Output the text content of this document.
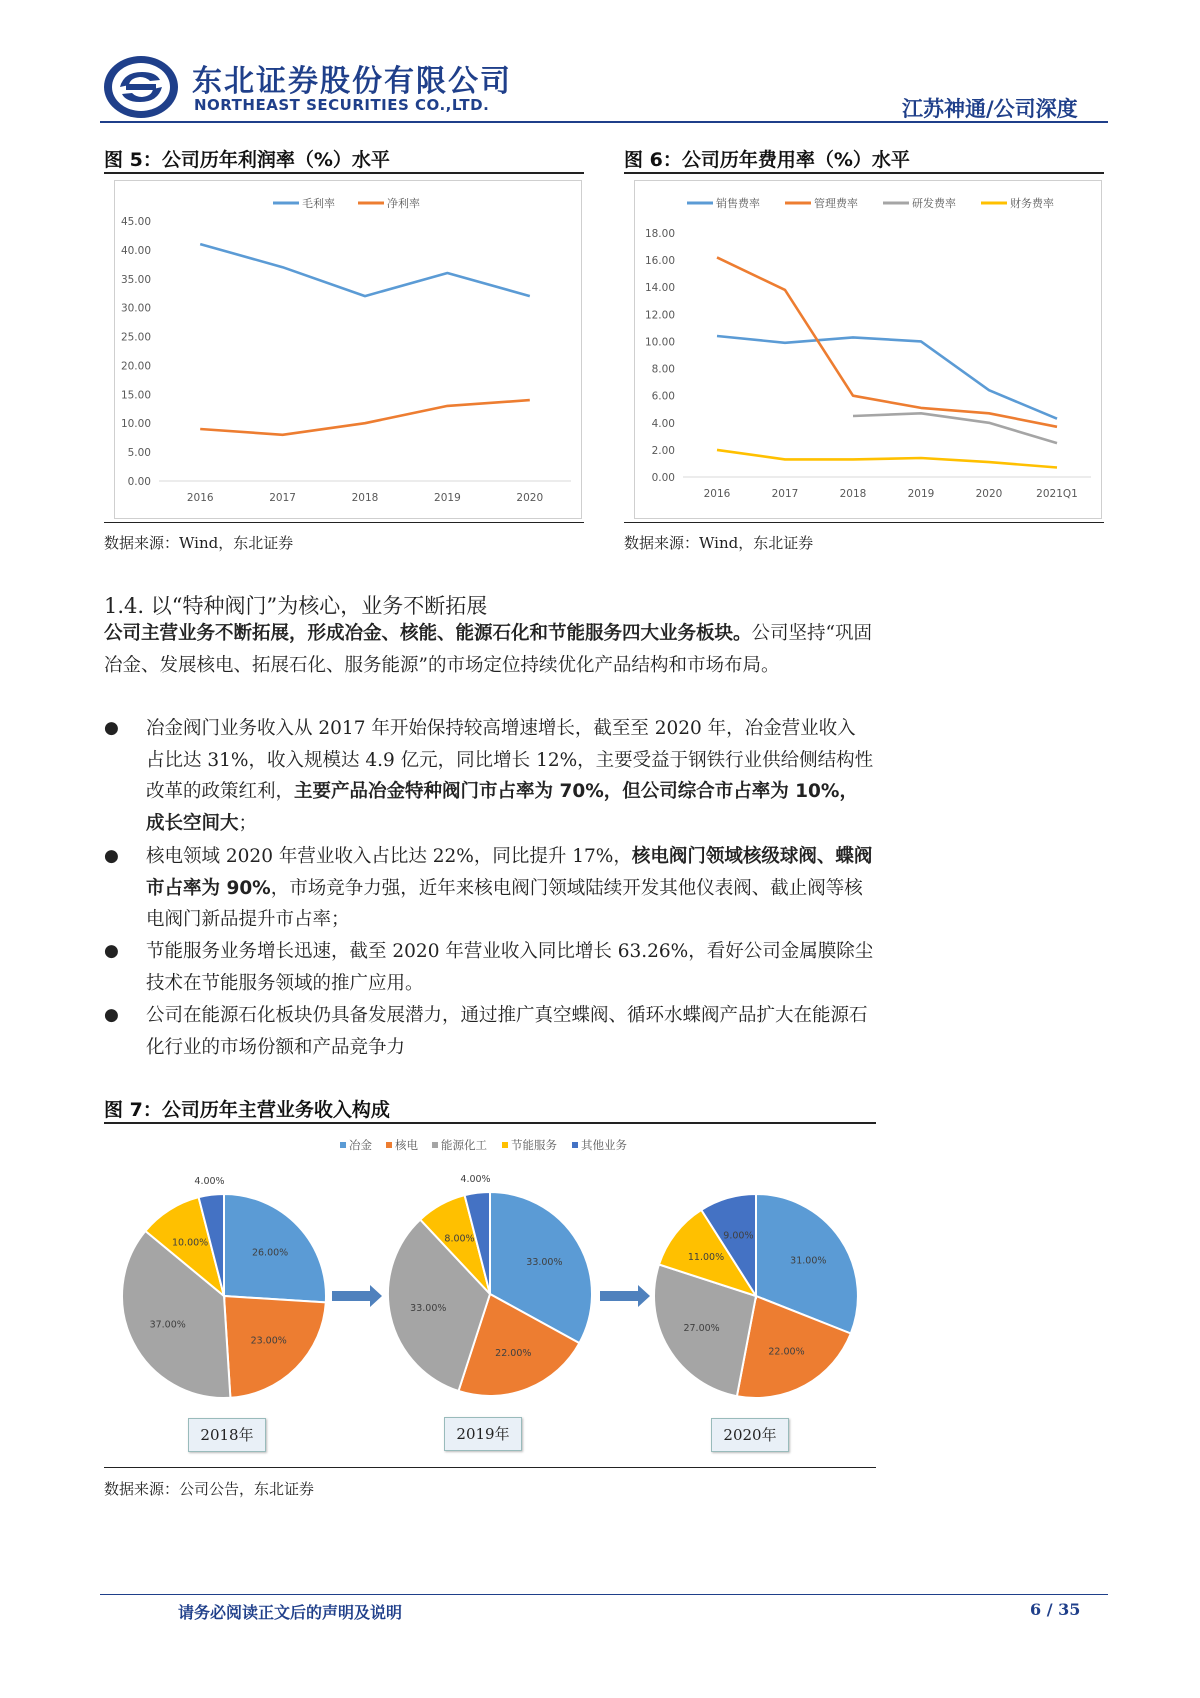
东北证券股份有限公司
NORTHEAST SECURITIES CO.,LTD.	江苏神通/公司深度
图 5：公司历年利润率（%）水平
0.00
5.00
10.00
15.00
20.00
25.00
30.00
35.00
40.00
45.00
2016	2017	2018	2019	2020
毛利率	净利率
数据来源：Wind，东北证券
图 6：公司历年费用率（%）水平
0.00
2.00
4.00
6.00
8.00
10.00
12.00
14.00
16.00
18.00
2016	2017	2018	2019	2020	2021Q1
销售费率	管理费率	研发费率	财务费率
数据来源：Wind，东北证券
1.4. 以“特种阀门”为核心，业务不断拓展
公司主营业务不断拓展，形成冶金、核能、能源石化和节能服务四大业务板块。公司坚持“巩固冶金、发展核电、拓展石化、服务能源”的市场定位持续优化产品结构和市场布局。
● 冶金阀门业务收入从 2017 年开始保持较高增速增长，截至至 2020 年，冶金营业收入占比达 31%，收入规模达 4.9 亿元，同比增长 12%，主要受益于钢铁行业供给侧结构性改革的政策红利，主要产品冶金特种阀门市占率为 70%，但公司综合市占率为 10%，成长空间大；
● 核电领域 2020 年营业收入占比达 22%，同比提升 17%，核电阀门领域核级球阀、蝶阀市占率为 90%，市场竞争力强，近年来核电阀门领域陆续开发其他仪表阀、截止阀等核电阀门新品提升市占率；
● 节能服务业务增长迅速，截至 2020 年营业收入同比增长 63.26%，看好公司金属膜除尘技术在节能服务领域的推广应用。
● 公司在能源石化板块仍具备发展潜力，通过推广真空蝶阀、循环水蝶阀产品扩大在能源石化行业的市场份额和产品竞争力
图 7：公司历年主营业务收入构成
冶金 核电 能源化工 节能服务 其他业务
26.00%
23.00%
37.00%
10.00%
4.00%
33.00%
22.00%
33.00%
8.00%
4.00%
31.00%
22.00%
27.00%
11.00%
9.00%
2018年	2019年	2020年
数据来源：公司公告，东北证券
请务必阅读正文后的声明及说明	6 / 35
